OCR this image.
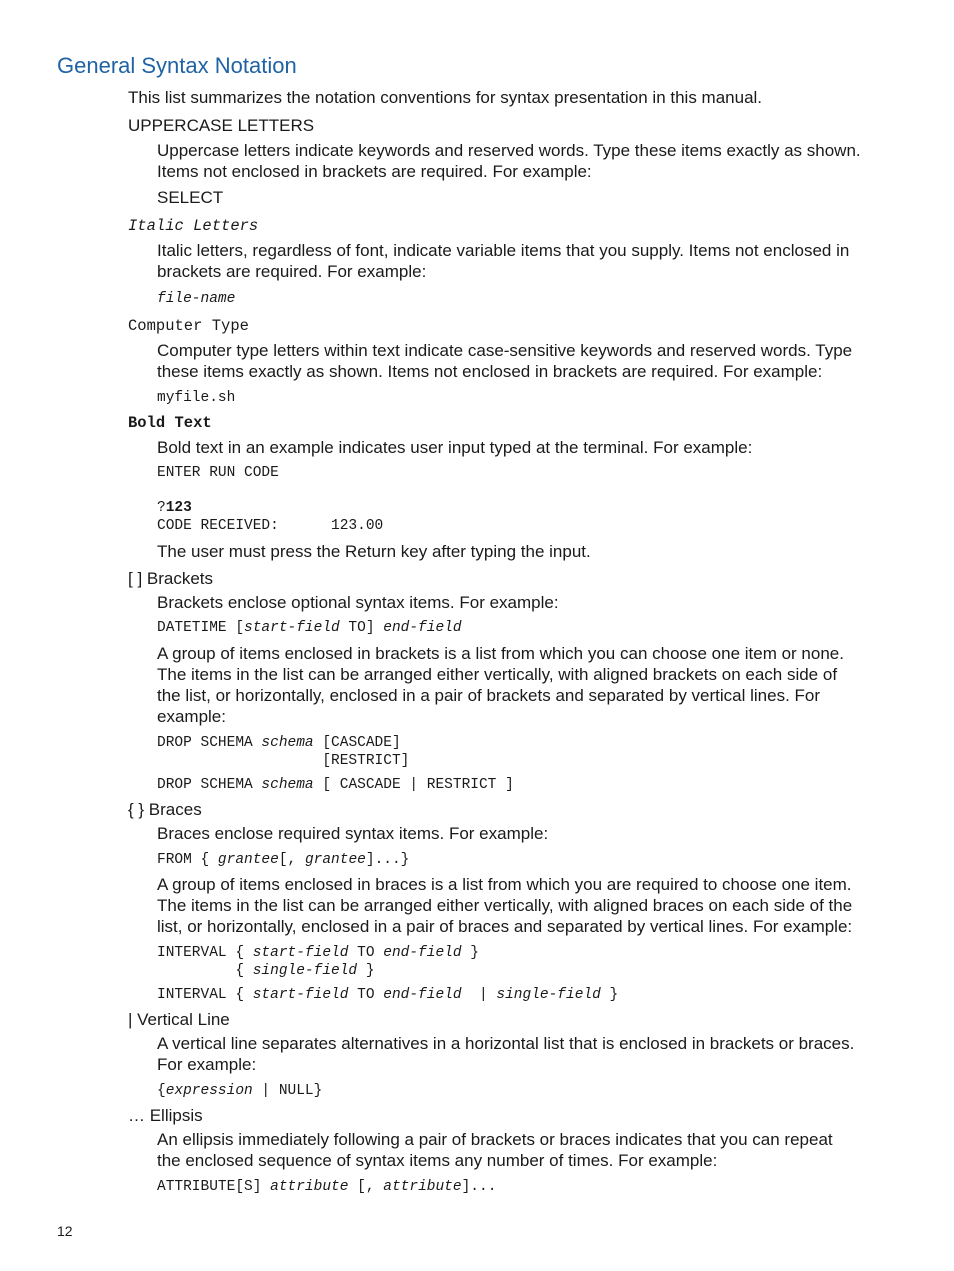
General Syntax Notation
This list summarizes the notation conventions for syntax presentation in this manual.
UPPERCASE LETTERS
Uppercase letters indicate keywords and reserved words. Type these items exactly as shown.
Items not enclosed in brackets are required. For example:
SELECT
Italic Letters
Italic letters, regardless of font, indicate variable items that you supply. Items not enclosed in
brackets are required. For example:
file-name
Computer Type
Computer type letters within text indicate case-sensitive keywords and reserved words. Type
these items exactly as shown. Items not enclosed in brackets are required. For example:
myfile.sh
Bold Text
Bold text in an example indicates user input typed at the terminal. For example:
ENTER RUN CODE
?123
CODE RECEIVED:      123.00
The user must press the Return key after typing the input.
[ ] Brackets
Brackets enclose optional syntax items. For example:
DATETIME [start-field TO] end-field
A group of items enclosed in brackets is a list from which you can choose one item or none.
The items in the list can be arranged either vertically, with aligned brackets on each side of
the list, or horizontally, enclosed in a pair of brackets and separated by vertical lines. For
example:
DROP SCHEMA schema [CASCADE]
[RESTRICT]
DROP SCHEMA schema [ CASCADE | RESTRICT ]
{ } Braces
Braces enclose required syntax items. For example:
FROM { grantee[, grantee]...}
A group of items enclosed in braces is a list from which you are required to choose one item.
The items in the list can be arranged either vertically, with aligned braces on each side of the
list, or horizontally, enclosed in a pair of braces and separated by vertical lines. For example:
INTERVAL { start-field TO end-field }
{ single-field }
INTERVAL { start-field TO end-field  | single-field }
| Vertical Line
A vertical line separates alternatives in a horizontal list that is enclosed in brackets or braces.
For example:
{expression | NULL}
… Ellipsis
An ellipsis immediately following a pair of brackets or braces indicates that you can repeat
the enclosed sequence of syntax items any number of times. For example:
ATTRIBUTE[S] attribute [, attribute]...
12
